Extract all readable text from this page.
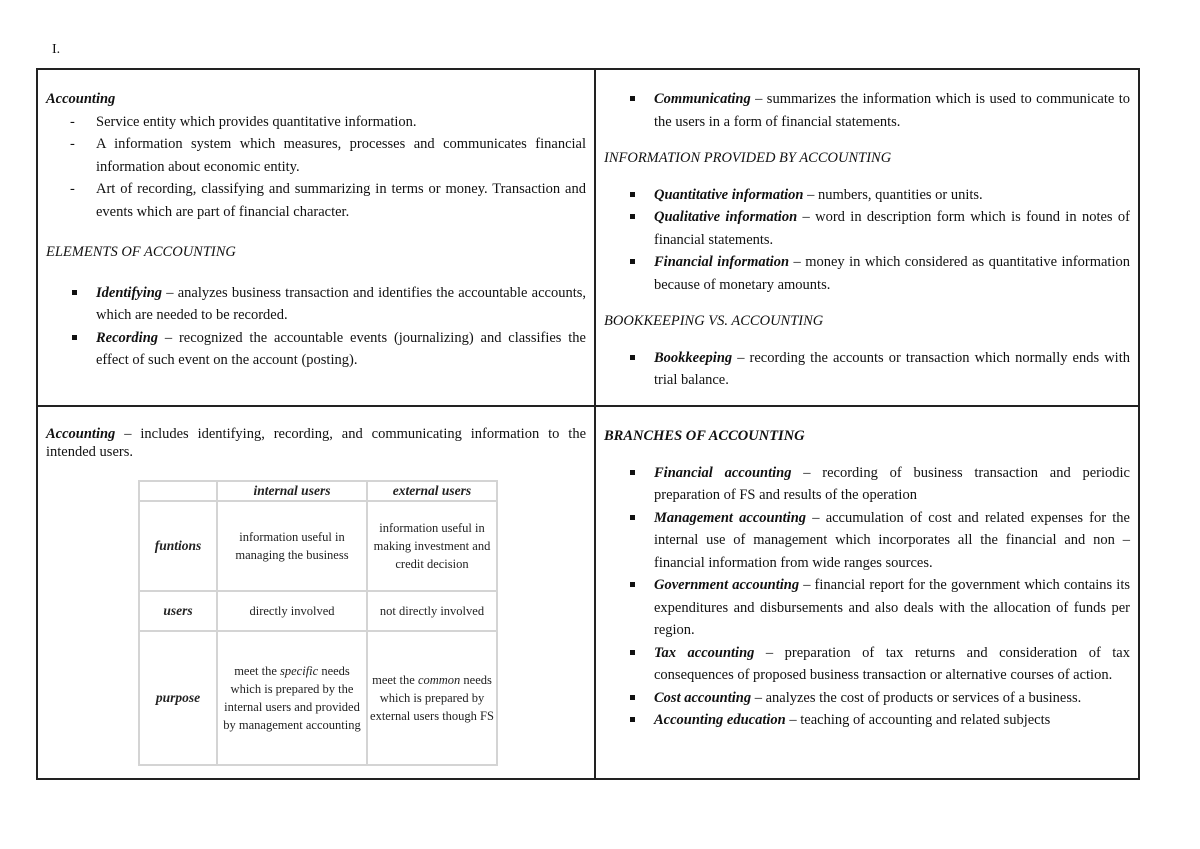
I.

Accounting

- Service entity which provides quantitative information.
- A information system which measures, processes and communicates financial information about economic entity.
- Art of recording, classifying and summarizing in terms or money. Transaction and events which are part of financial character.

ELEMENTS OF ACCOUNTING

Identifying – analyzes business transaction and identifies the accountable accounts, which are needed to be recorded.
Recording – recognized the accountable events (journalizing) and classifies the effect of such event on the account (posting).
Communicating – summarizes the information which is used to communicate to the users in a form of financial statements.

INFORMATION PROVIDED BY ACCOUNTING

Quantitative information – numbers, quantities or units.
Qualitative information – word in description form which is found in notes of financial statements.
Financial information – money in which considered as quantitative information because of monetary amounts.

BOOKKEEPING VS. ACCOUNTING

Bookkeeping – recording the accounts or transaction which normally ends with trial balance.

Accounting – includes identifying, recording, and communicating information to the intended users.

	internal users	external users
funtions	information useful in managing the business	information useful in making investment and credit decision
users	directly involved	not directly involved
purpose	meet the specific needs which is prepared by the internal users and provided by management accounting	meet the common needs which is prepared by external users though FS

BRANCHES OF ACCOUNTING

Financial accounting – recording of business transaction and periodic preparation of FS and results of the operation
Management accounting – accumulation of cost and related expenses for the internal use of management which incorporates all the financial and non – financial information from wide ranges sources.
Government accounting – financial report for the government which contains its expenditures and disbursements and also deals with the allocation of funds per region.
Tax accounting – preparation of tax returns and consideration of tax consequences of proposed business transaction or alternative courses of action.
Cost accounting – analyzes the cost of products or services of a business.
Accounting education – teaching of accounting and related subjects
